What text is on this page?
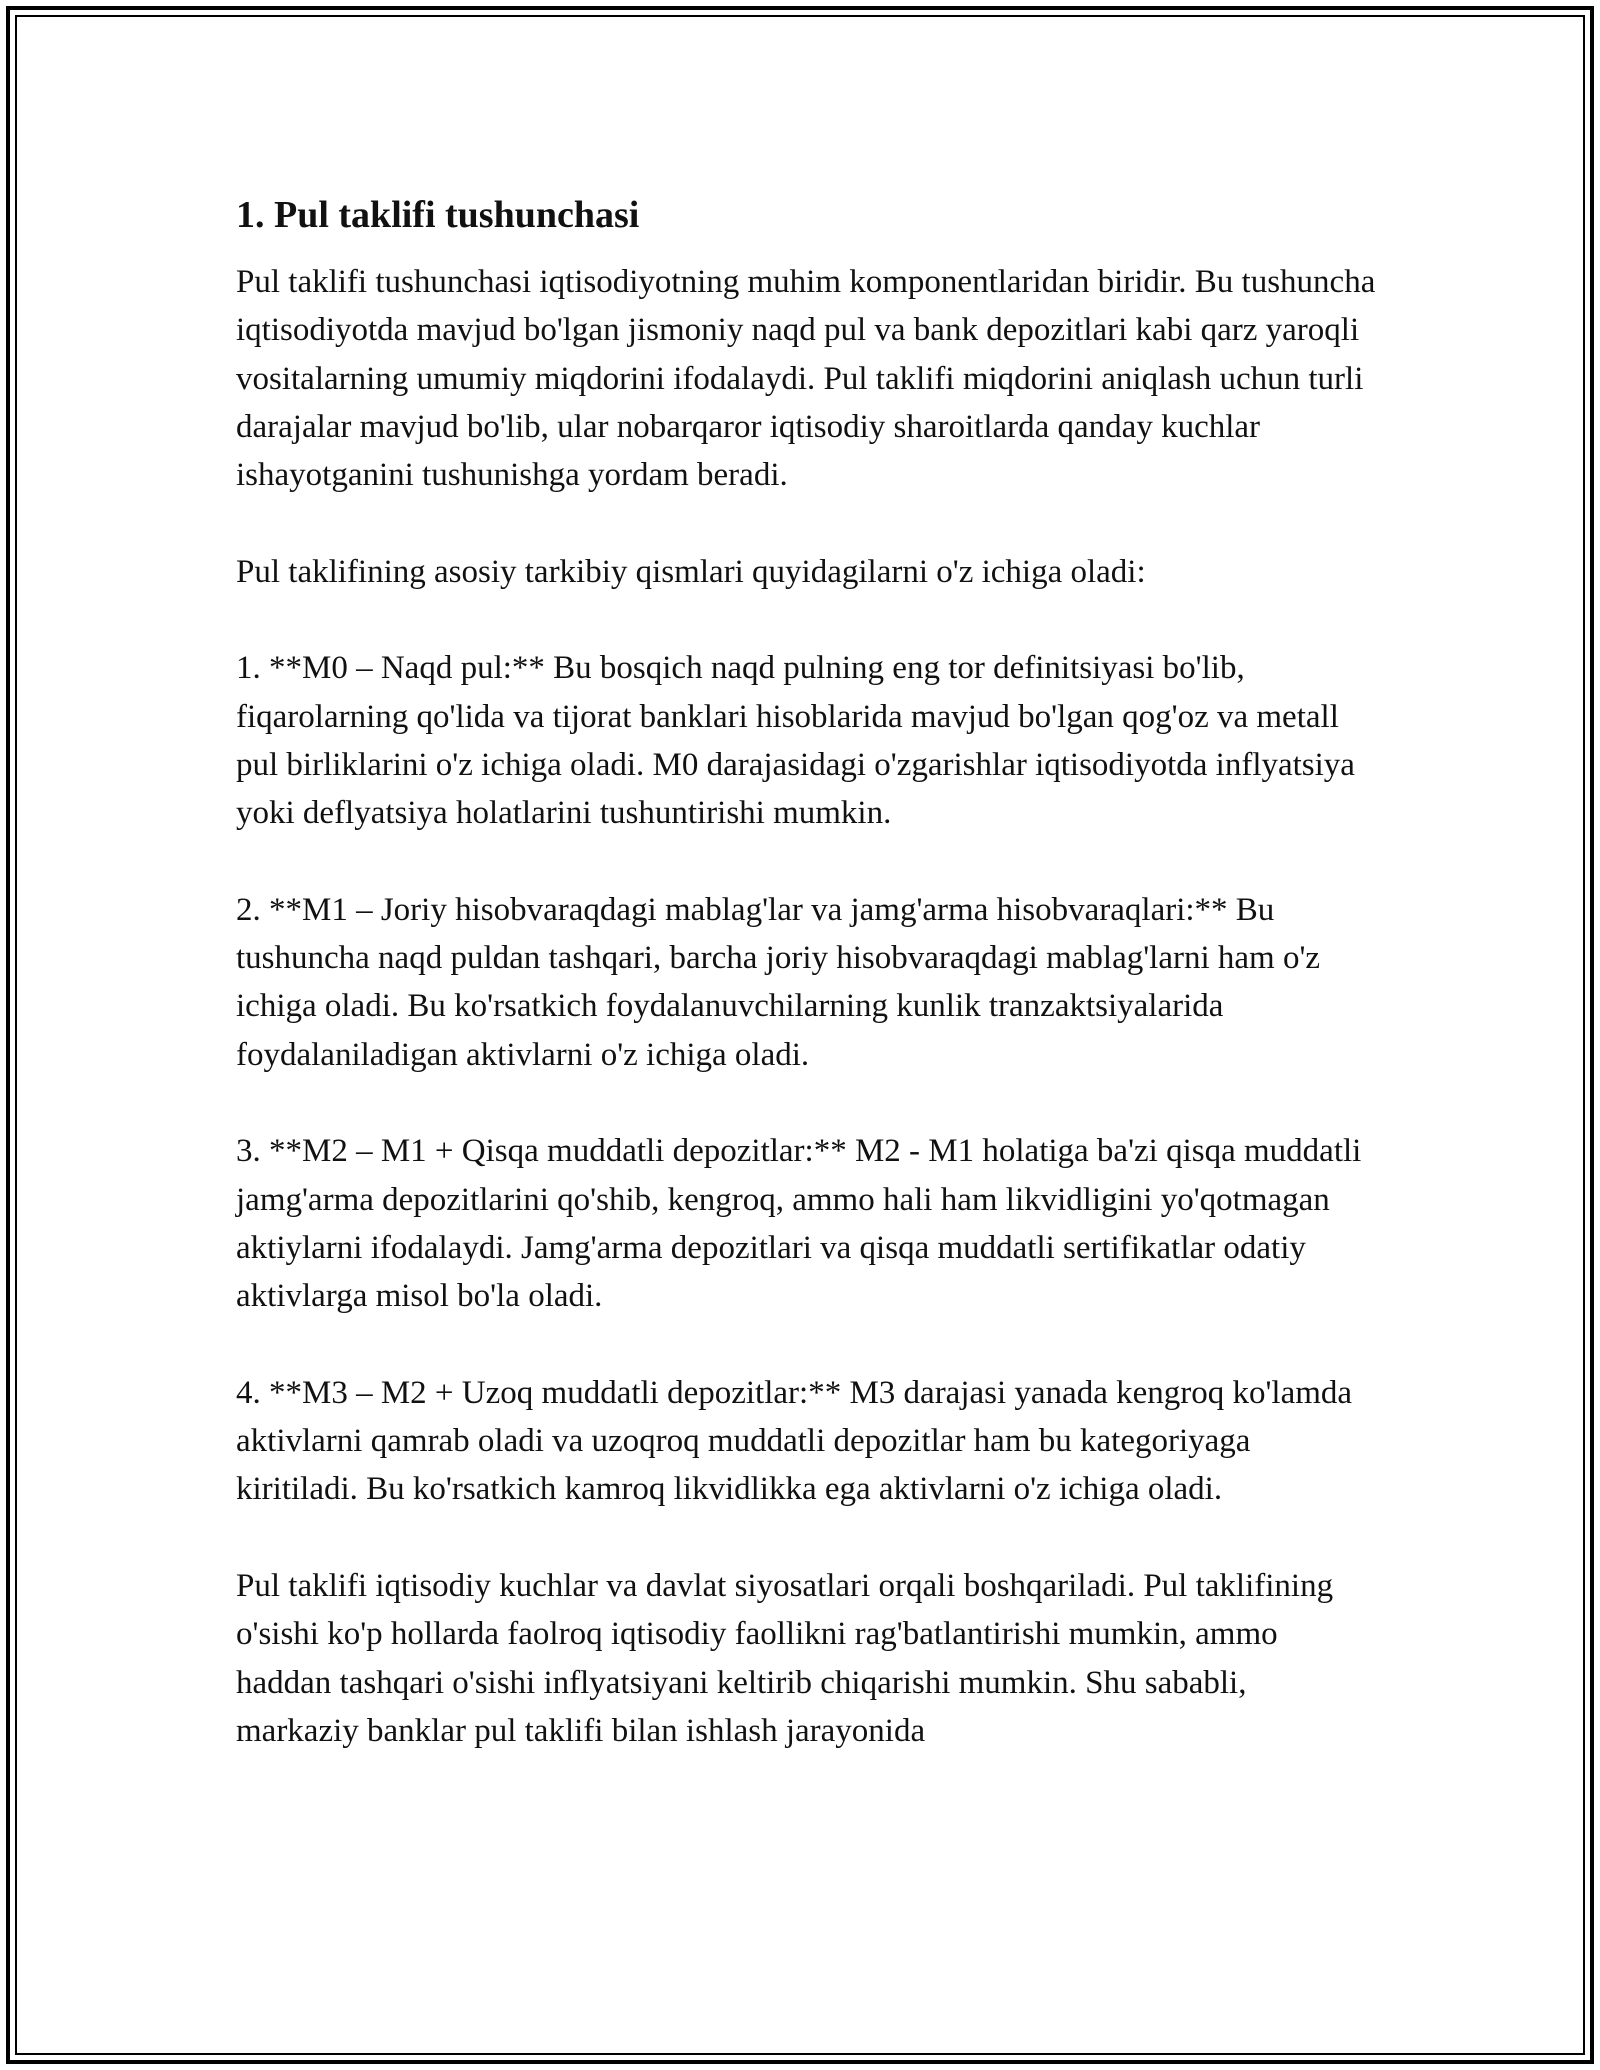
1. Pul taklifi tushunchasi

Pul taklifi tushunchasi iqtisodiyotning muhim komponentlaridan biridir. Bu tushuncha iqtisodiyotda mavjud bo'lgan jismoniy naqd pul va bank depozitlari kabi qarz yaroqli vositalarning umumiy miqdorini ifodalaydi. Pul taklifi miqdorini aniqlash uchun turli darajalar mavjud bo'lib, ular nobarqaror iqtisodiy sharoitlarda qanday kuchlar ishayotganini tushunishga yordam beradi.

Pul taklifining asosiy tarkibiy qismlari quyidagilarni o'z ichiga oladi:

1. **M0 – Naqd pul:** Bu bosqich naqd pulning eng tor definitsiyasi bo'lib, fiqarolarning qo'lida va tijorat banklari hisoblarida mavjud bo'lgan qog'oz va metall pul birliklarini o'z ichiga oladi. M0 darajasidagi o'zgarishlar iqtisodiyotda inflyatsiya yoki deflyatsiya holatlarini tushuntirishi mumkin.

2. **M1 – Joriy hisobvaraqdagi mablag'lar va jamg'arma hisobvaraqlari:** Bu tushuncha naqd puldan tashqari, barcha joriy hisobvaraqdagi mablag'larni ham o'z ichiga oladi. Bu ko'rsatkich foydalanuvchilarning kunlik tranzaktsiyalarida foydalaniladigan aktivlarni o'z ichiga oladi.

3. **M2 – M1 + Qisqa muddatli depozitlar:** M2 - M1 holatiga ba'zi qisqa muddatli jamg'arma depozitlarini qo'shib, kengroq, ammo hali ham likvidligini yo'qotmagan aktiylarni ifodalaydi. Jamg'arma depozitlari va qisqa muddatli sertifikatlar odatiy aktivlarga misol bo'la oladi.

4. **M3 – M2 + Uzoq muddatli depozitlar:** M3 darajasi yanada kengroq ko'lamda aktivlarni qamrab oladi va uzoqroq muddatli depozitlar ham bu kategoriyaga kiritiladi. Bu ko'rsatkich kamroq likvidlikka ega aktivlarni o'z ichiga oladi.

Pul taklifi iqtisodiy kuchlar va davlat siyosatlari orqali boshqariladi. Pul taklifining o'sishi ko'p hollarda faolroq iqtisodiy faollikni rag'batlantirishi mumkin, ammo haddan tashqari o'sishi inflyatsiyani keltirib chiqarishi mumkin. Shu sababli, markaziy banklar pul taklifi bilan ishlash jarayonida
